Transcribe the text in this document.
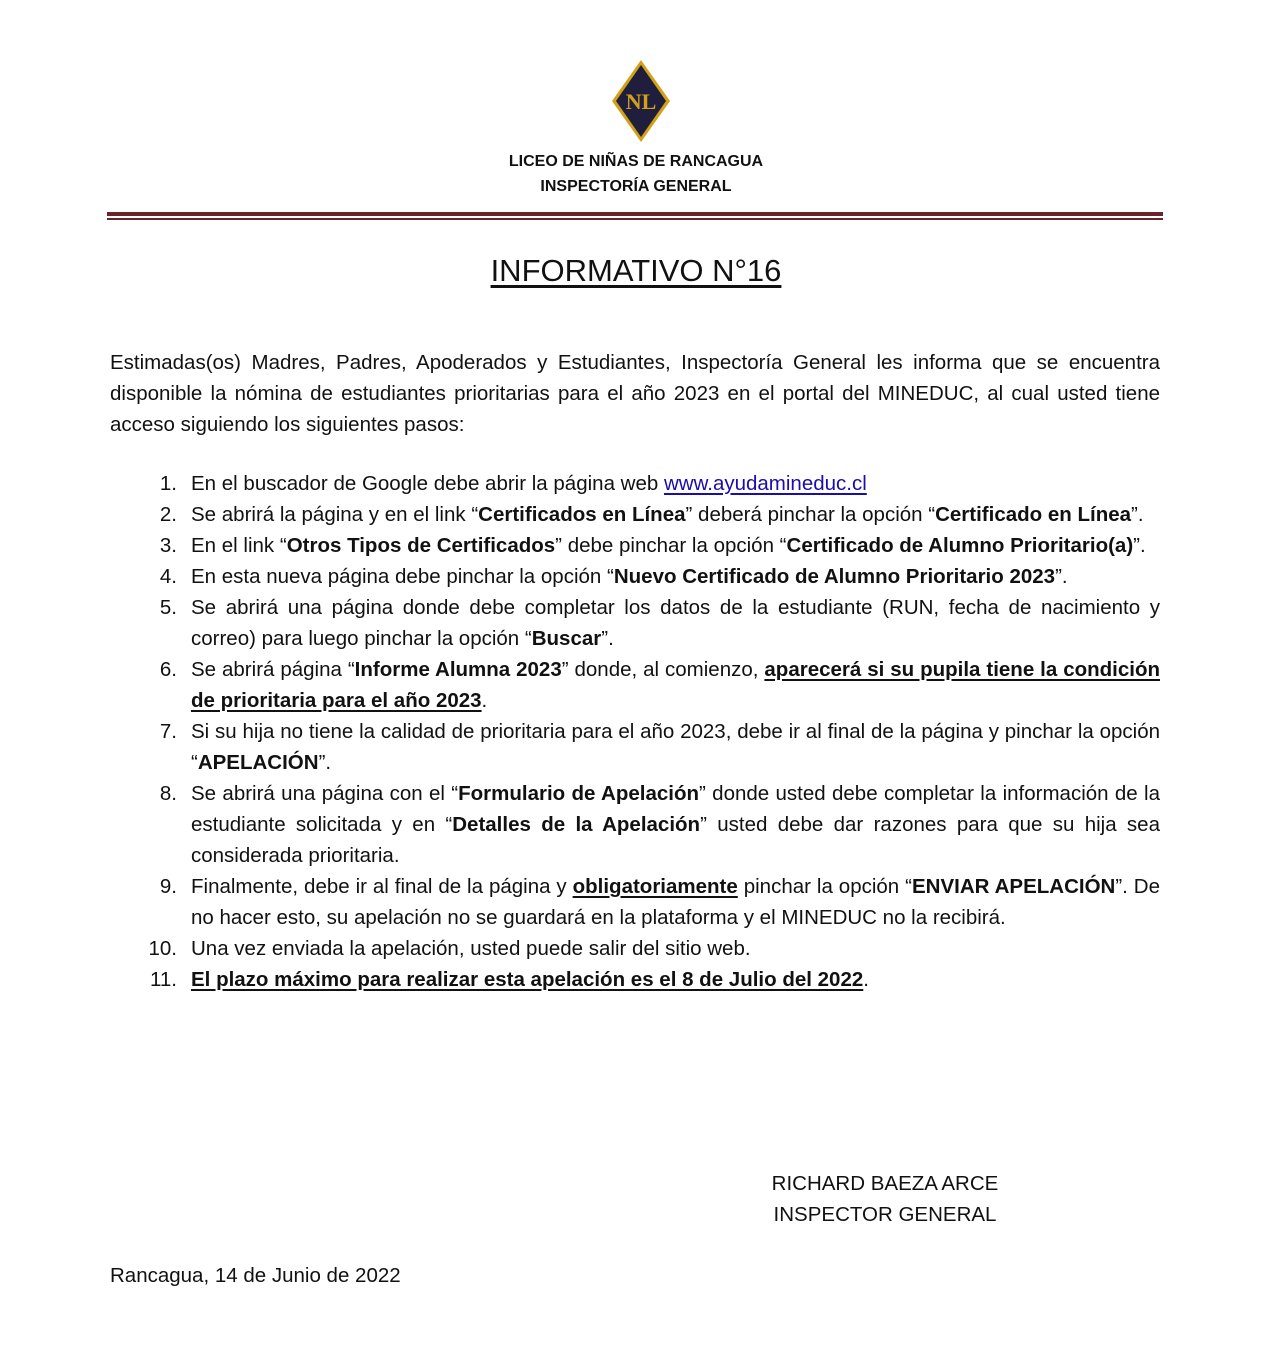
NL
LICEO DE NIÑAS DE RANCAGUA
INSPECTORÍA GENERAL
INFORMATIVO N°16

Estimadas(os) Madres, Padres, Apoderados y Estudiantes, Inspectoría General les informa que se encuentra disponible la nómina de estudiantes prioritarias para el año 2023 en el portal del MINEDUC, al cual usted tiene acceso siguiendo los siguientes pasos:

1. En el buscador de Google debe abrir la página web www.ayudamineduc.cl
2. Se abrirá la página y en el link “Certificados en Línea” deberá pinchar la opción “Certificado en Línea”.
3. En el link “Otros Tipos de Certificados” debe pinchar la opción “Certificado de Alumno Prioritario(a)”.
4. En esta nueva página debe pinchar la opción “Nuevo Certificado de Alumno Prioritario 2023”.
5. Se abrirá una página donde debe completar los datos de la estudiante (RUN, fecha de nacimiento y correo) para luego pinchar la opción “Buscar”.
6. Se abrirá página “Informe Alumna 2023” donde, al comienzo, aparecerá si su pupila tiene la condición de prioritaria para el año 2023.
7. Si su hija no tiene la calidad de prioritaria para el año 2023, debe ir al final de la página y pinchar la opción “APELACIÓN”.
8. Se abrirá una página con el “Formulario de Apelación” donde usted debe completar la información de la estudiante solicitada y en “Detalles de la Apelación” usted debe dar razones para que su hija sea considerada prioritaria.
9. Finalmente, debe ir al final de la página y obligatoriamente pinchar la opción “ENVIAR APELACIÓN”. De no hacer esto, su apelación no se guardará en la plataforma y el MINEDUC no la recibirá.
10. Una vez enviada la apelación, usted puede salir del sitio web.
11. El plazo máximo para realizar esta apelación es el 8 de Julio del 2022.
RICHARD BAEZA ARCE
INSPECTOR GENERAL
Rancagua, 14 de Junio de 2022
